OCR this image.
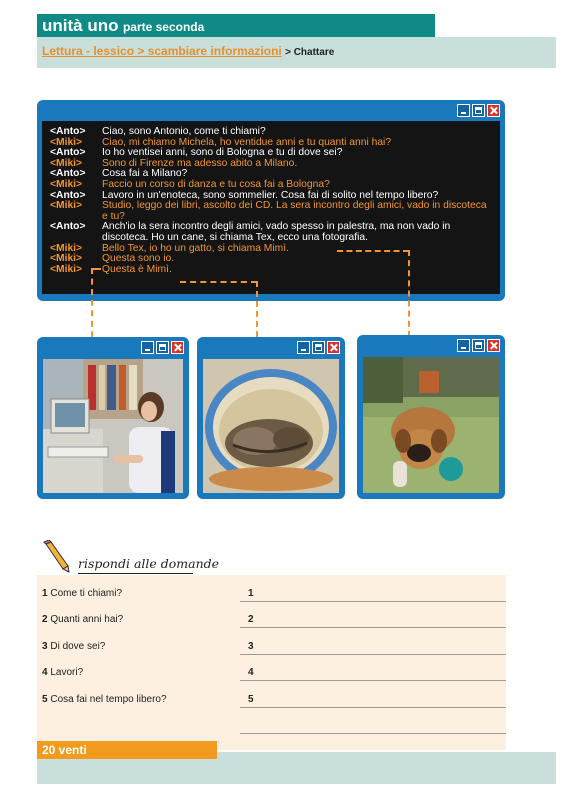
unità uno parte seconda
Lettura - lessico > scambiare informazioni > Chattare
<Anto>	Ciao, sono Antonio, come ti chiami?
<Miki>	Ciao, mi chiamo Michela, ho ventidue anni e tu quanti anni hai?
<Anto>	Io ho ventisei anni, sono di Bologna e tu di dove sei?
<Miki>	Sono di Firenze ma adesso abito a Milano.
<Anto>	Cosa fai a Milano?
<Miki>	Faccio un corso di danza e tu cosa fai a Bologna?
<Anto>	Lavoro in un'enoteca, sono sommelier. Cosa fai di solito nel tempo libero?
<Miki>	Studio, leggo dei libri, ascolto dei CD. La sera incontro degli amici, vado in discoteca e tu?
<Anto>	Anch'io la sera incontro degli amici, vado spesso in palestra, ma non vado in discoteca. Ho un cane, si chiama Tex, ecco una fotografia.
<Miki>	Bello Tex, io ho un gatto, si chiama Mimì.
<Miki>	Questa sono io.
<Miki>	Questa è Mimì.
rispondi alle domande
1 Come ti chiami?	1
2 Quanti anni hai?	2
3 Di dove sei?	3
4 Lavori?	4
5 Cosa fai nel tempo libero?	5
20 venti
